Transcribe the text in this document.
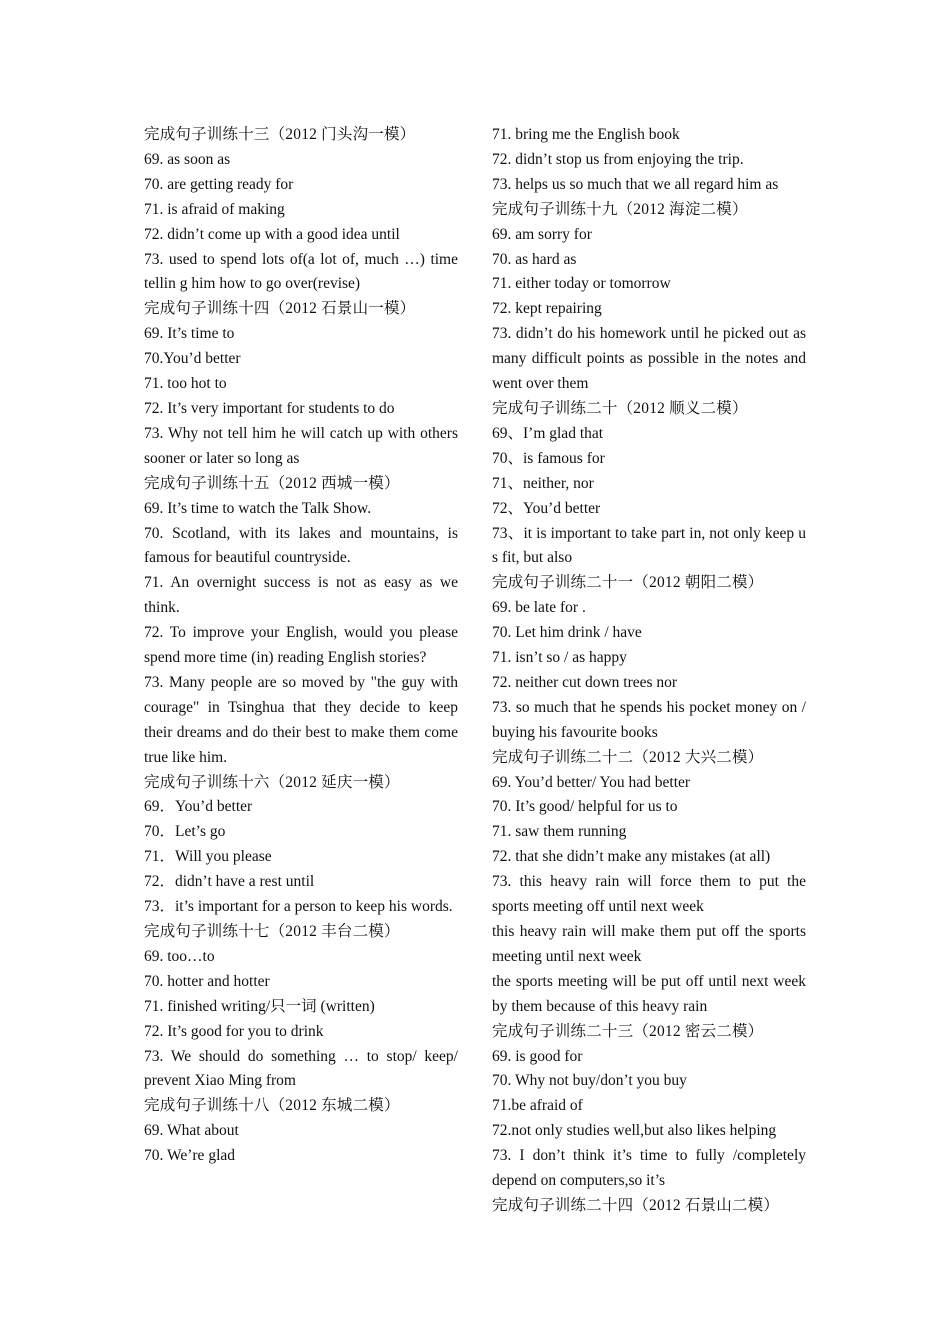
完成句子训练十三（2012 门头沟一模）
69. as soon as
70. are getting ready for
71. is afraid of making
72. didn’t come up with a good idea until
73. used to spend lots of(a lot of, much …) time tellin g him how to go over(revise)
完成句子训练十四（2012 石景山一模）
69. It’s time to
70.You’d better
71. too hot to
72. It’s very important for students to do
73. Why not tell him he will catch up with others sooner or later so long as
完成句子训练十五（2012 西城一模）
69. It’s time to watch the Talk Show.
70. Scotland, with its lakes and mountains, is famous for beautiful countryside.
71. An overnight success is not as easy as we think.
72. To improve your English, would you please spend more time (in) reading English stories?
73. Many people are so moved by "the guy with courage" in Tsinghua that they decide to keep their dreams and do their best to make them come true like him.
完成句子训练十六（2012 延庆一模）
69．You’d better
70．Let’s go
71．Will you please
72．didn’t have a rest until
73．it’s important for a person to keep his words.
完成句子训练十七（2012 丰台二模）
69. too…to
70. hotter and hotter
71. finished writing/只一词 (written)
72. It’s good for you to drink
73. We should do something … to stop/ keep/ prevent Xiao Ming from
完成句子训练十八（2012 东城二模）
69. What about
70. We’re glad
71. bring me the English book
72. didn’t stop us from enjoying the trip.
73. helps us so much that we all regard him as
完成句子训练十九（2012 海淀二模）
69. am sorry for
70. as hard as
71. either today or tomorrow
72. kept repairing
73. didn’t do his homework until he picked out as many difficult points as possible in the notes and went over them
完成句子训练二十（2012 顺义二模）
69、I’m glad that
70、is famous for
71、neither, nor
72、You’d better
73、it is important to take part in, not only keep u s fit, but also
完成句子训练二十一（2012 朝阳二模）
69. be late for .
70. Let him drink / have
71. isn’t so / as happy
72. neither cut down trees nor
73. so much that he spends his pocket money on / buying his favourite books
完成句子训练二十二（2012 大兴二模）
69. You’d better/ You had better
70. It’s good/ helpful for us to
71. saw them running
72. that she didn’t make any mistakes (at all)
73. this heavy rain will force them to put the sports meeting off until next week
this heavy rain will make them put off the sports meeting until next week
the sports meeting will be put off until next week by them because of this heavy rain
完成句子训练二十三（2012 密云二模）
69. is good for
70. Why not buy/don’t you buy
71.be afraid of
72.not only studies well,but also likes helping
73. I don’t think it’s time to fully /completely depend on computers,so it’s
完成句子训练二十四（2012 石景山二模）
